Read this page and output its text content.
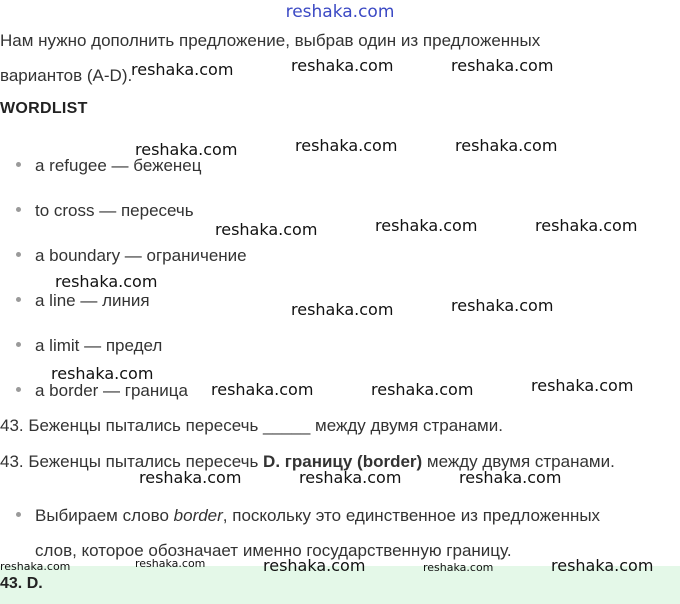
reshaka.com
Нам нужно дополнить предложение, выбрав один из предложенных
вариантов (A-D).
WORDLIST
a refugee — беженец
to cross — пересечь
a boundary — ограничение
a line — линия
a limit — предел
a border — граница
43. Беженцы пытались пересечь _____ между двумя странами.
43. Беженцы пытались пересечь D. границу (border) между двумя странами.
Выбираем слово border, поскольку это единственное из предложенных
слов, которое обозначает именно государственную границу.
43. D.
reshaka.com	reshaka.com	reshaka.com
reshaka.com	reshaka.com	reshaka.com
reshaka.com	reshaka.com	reshaka.com
reshaka.com
reshaka.com	reshaka.com
reshaka.com
reshaka.com	reshaka.com	reshaka.com
reshaka.com	reshaka.com	reshaka.com
reshaka.com	reshaka.com	reshaka.com	reshaka.com	reshaka.com
